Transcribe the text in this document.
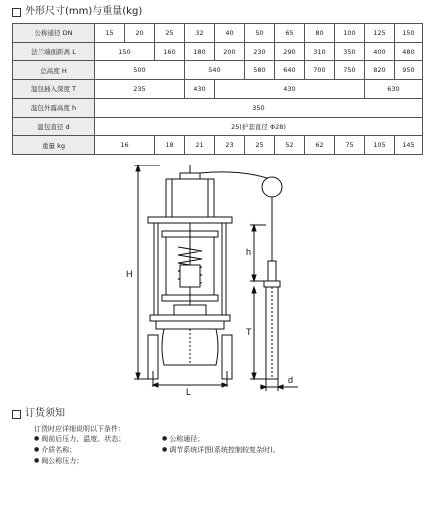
外形尺寸(mm)与重量(kg)
公称通径 DN	15	20	25	32	40	50	65	80	100	125	150
法兰端面距离 L	150		160	180	200	230	290	310	350	400	480
总高度 H	500			540		580	640	700	750	820	950
温包插入深度 T	235			430	430					630	
温包外露高度 h	350										
温包直径 d	25(护套直径 Φ28)										
重量 kg	16		18	21	23	25	52	62	75	105	145
H
L
h
T
d
订货须知
订货时应详细说明以下条件：
● 阀前后压力、温度、状态；
● 介质名称；
● 阀公称压力；
● 公称通径；
● 调节系统详图(系统控制较复杂时)。
